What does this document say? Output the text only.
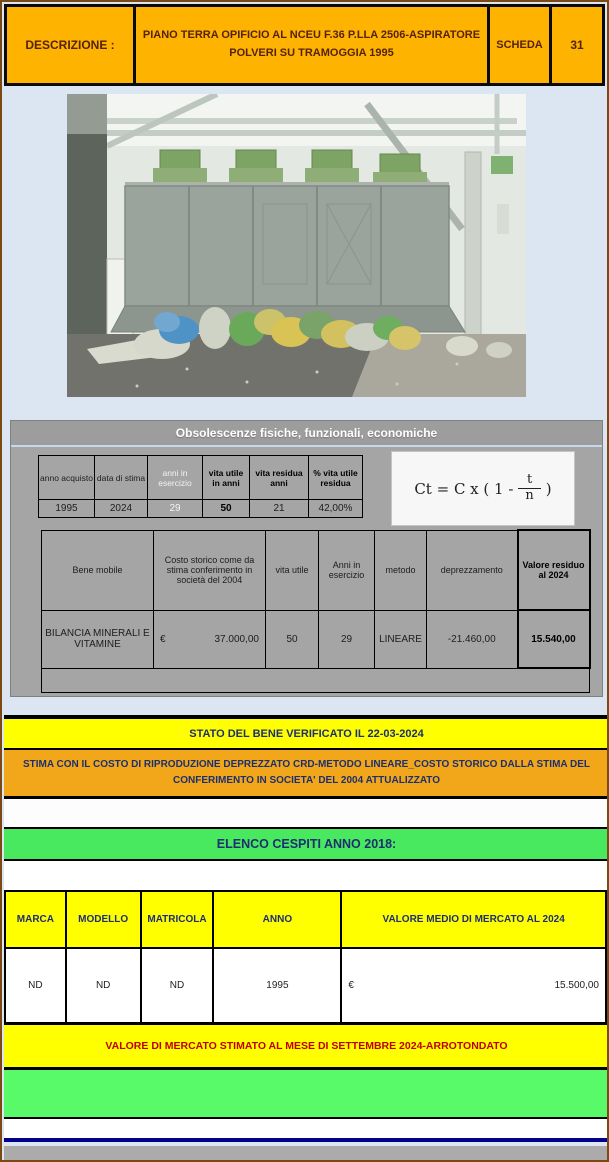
DESCRIZIONE :
PIANO TERRA OPIFICIO AL NCEU F.36 P.LLA 2506-ASPIRATORE POLVERI SU TRAMOGGIA 1995
SCHEDA	31
Obsolescenze fisiche, funzionali, economiche
anno acquisto	data di stima	anni in esercizio	vita utile in anni	vita residua anni	% vita utile residua
1995	2024	29	50	21	42,00%
Ct = C x ( $1 - \frac{t}{n}$ )
Bene mobile	Costo storico come da stima conferimento in società del 2004	vita utile	Anni in esercizio	metodo	deprezzamento	Valore residuo al 2024
BILANCIA MINERALI E VITAMINE	€ 37.000,00	50	29	LINEARE	-21.460,00	15.540,00

STATO DEL BENE VERIFICATO IL 22-03-2024
STIMA CON IL COSTO DI RIPRODUZIONE DEPREZZATO CRD-METODO LINEARE_COSTO STORICO DALLA STIMA DEL CONFERIMENTO IN SOCIETA' DEL 2004 ATTUALIZZATO
ELENCO CESPITI ANNO 2018:
MARCA	MODELLO	MATRICOLA	ANNO	VALORE MEDIO DI MERCATO AL 2024
ND	ND	ND	1995	€ 15.500,00
VALORE DI MERCATO STIMATO AL MESE DI SETTEMBRE 2024-ARROTONDATO
